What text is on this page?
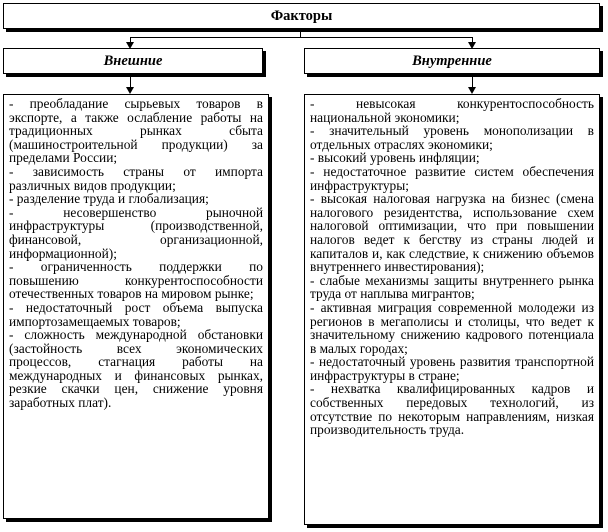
Факторы
Внешние	Внутренние

- преобладание сырьевых товаров в экспорте, а также ослабление работы на традиционных рынках сбыта (машиностроительной продукции) за пределами России;

- зависимость страны от импорта различных видов продукции;

- разделение труда и глобализация;

- несовершенство рыночной инфраструктуры (производственной, финансовой, организационной, информационной);

- ограниченность поддержки по повышению конкурентоспособности отечественных товаров на мировом рынке;

- недостаточный рост объема выпуска импортозамещаемых товаров;

- сложность международной обстановки (застойность всех экономических процессов, стагнация работы на международных и финансовых рынках, резкие скачки цен, снижение уровня заработных плат).

- невысокая конкурентоспособность национальной экономики;

- значительный уровень монополизации в отдельных отраслях экономики;

- высокий уровень инфляции;

- недостаточное развитие систем обеспечения инфраструктуры;

- высокая налоговая нагрузка на бизнес (смена налогового резидентства, использование схем налоговой оптимизации, что при повышении налогов ведет к бегству из страны людей и капиталов и, как следствие, к снижению объемов внутреннего инвестирования);

- слабые механизмы защиты внутреннего рынка труда от наплыва мигрантов;

- активная миграция современной молодежи из регионов в мегаполисы и столицы, что ведет к значительному снижению кадрового потенциала в малых городах;

- недостаточный уровень развития транспортной инфраструктуры в стране;

- нехватка квалифицированных кадров и собственных передовых технологий, из отсутствие по некоторым направлениям, низкая производительность труда.
